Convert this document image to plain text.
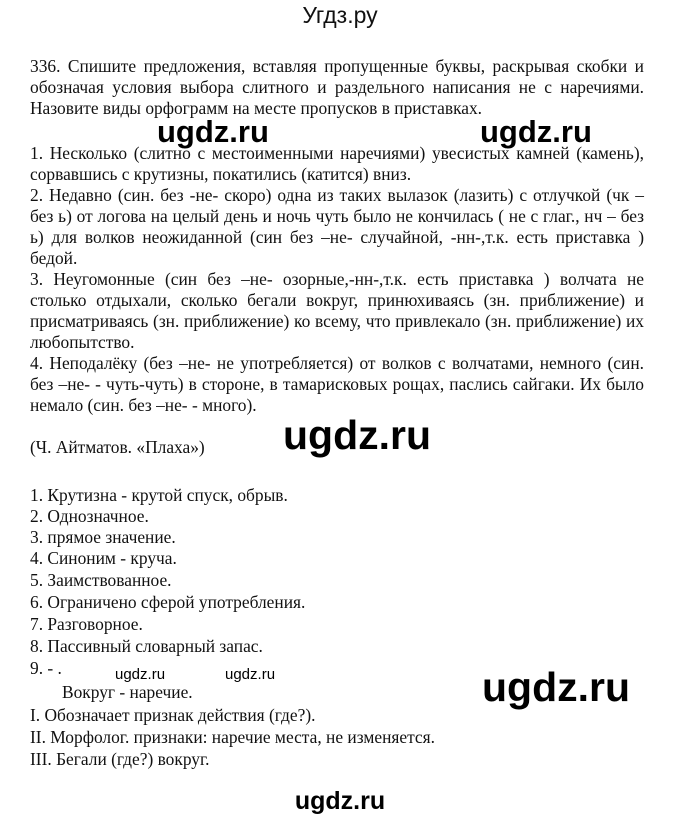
Угдз.ру

336. Спишите предложения, вставляя пропущенные буквы, раскрывая скобки и обозначая условия выбора слитного и раздельного написания не с наречиями. Назовите виды орфограмм на месте пропусков в приставках.

ugdz.ru	ugdz.ru

1. Несколько (слитно с местоименными наречиями) увесистых камней (камень), сорвавшись с крутизны, покатились (катится) вниз.

2. Недавно (син. без -не- скоро) одна из таких вылазок (лазить) с отлучкой (чк – без ь) от логова на целый день и ночь чуть было не кончилась ( не с глаг., нч – без ь) для волков неожиданной (син без –не- случайной, -нн-,т.к. есть приставка ) бедой.

3. Неугомонные (син без –не- озорные,-нн-,т.к. есть приставка ) волчата не столько отдыхали, сколько бегали вокруг, принюхиваясь (зн. приближение) и присматриваясь (зн. приближение) ко всему, что привлекало (зн. приближение) их любопытство.

4. Неподалёку (без –не- не употребляется) от волков с волчатами, немного (син. без –не- - чуть-чуть) в стороне, в тамарисковых рощах, паслись сайгаки. Их было немало (син. без –не- - много).

ugdz.ru
(Ч. Айтматов. «Плаха»)
1. Крутизна - крутой спуск, обрыв.
2. Однозначное.
3. прямое значение.
4. Синоним - круча.
5. Заимствованное.
6. Ограничено сферой употребления.
7. Разговорное.
8. Пассивный словарный запас.
9. - .	ugdz.ru	ugdz.ru
Вокруг - наречие.	ugdz.ru
I. Обозначает признак действия (где?).
II. Морфолог. признаки: наречие места, не изменяется.
III. Бегали (где?) вокруг.
ugdz.ru
